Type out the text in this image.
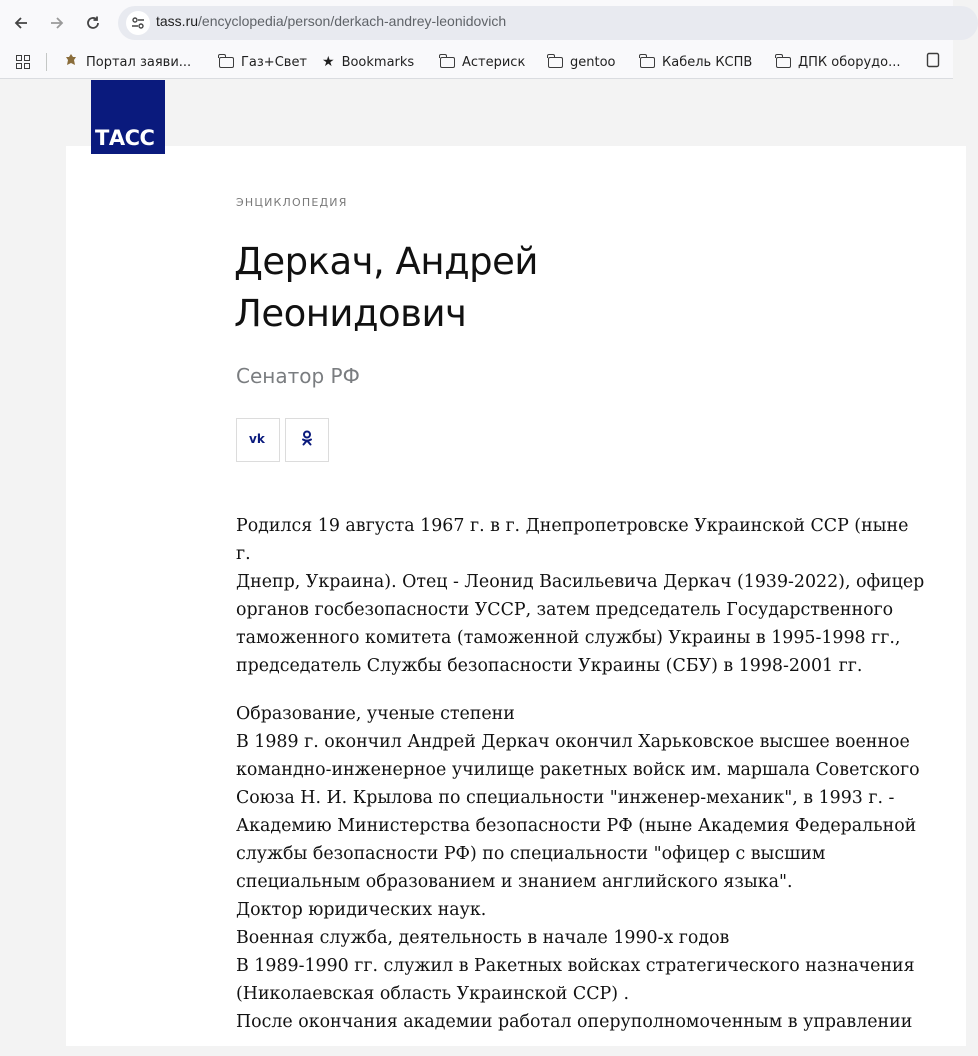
tass.ru/encyclopedia/person/derkach-andrey-leonidovich
Портал заяви...	Газ+Свет ★ Bookmarks	Астериск	gentoo	Кабель КСПВ	ДПК оборудо...
ТАСС
ЭНЦИКЛОПЕДИЯ
Деркач, Андрей
Леонидович
Сенатор РФ
vk

Родился 19 августа 1967 г. в г. Днепропетровске Украинской ССР (ныне г.
Днепр, Украина). Отец - Леонид Васильевича Деркач (1939-2022), офицер
органов госбезопасности УССР, затем председатель Государственного
таможенного комитета (таможенной службы) Украины в 1995-1998 гг.,
председатель Службы безопасности Украины (СБУ) в 1998-2001 гг.

Образование, ученые степени
В 1989 г. окончил Андрей Деркач окончил Харьковское высшее военное
командно-инженерное училище ракетных войск им. маршала Советского
Союза Н. И. Крылова по специальности "инженер-механик", в 1993 г. -
Академию Министерства безопасности РФ (ныне Академия Федеральной
службы безопасности РФ) по специальности "офицер с высшим
специальным образованием и знанием английского языка".
Доктор юридических наук.
Военная служба, деятельность в начале 1990-х годов
В 1989-1990 гг. служил в Ракетных войсках стратегического назначения
(Николаевская область Украинской ССР) .
После окончания академии работал оперуполномоченным в управлении
